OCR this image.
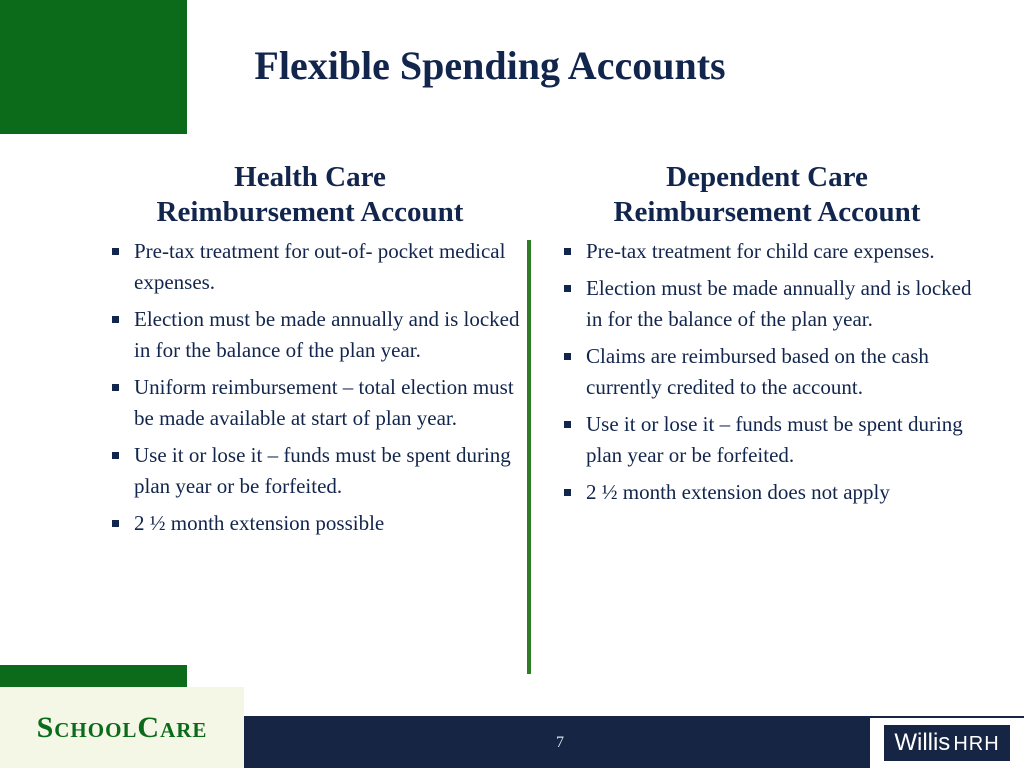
Flexible Spending Accounts
Health Care
Reimbursement Account
Pre-tax treatment for out-of- pocket medical expenses.
Election must be made annually and is locked in for the balance of the plan year.
Uniform reimbursement – total election must be made available at start of plan year.
Use it or lose it – funds must be spent during plan year or be forfeited.
2 ½ month extension possible
Dependent Care
Reimbursement Account
Pre-tax treatment for child care expenses.
Election must be made annually and is locked in for the balance of the plan year.
Claims are reimbursed based on the cash currently credited to the account.
Use it or lose it – funds must be spent during plan year or be forfeited.
2 ½ month extension does not apply
SchoolCare	7	Willis HRH
